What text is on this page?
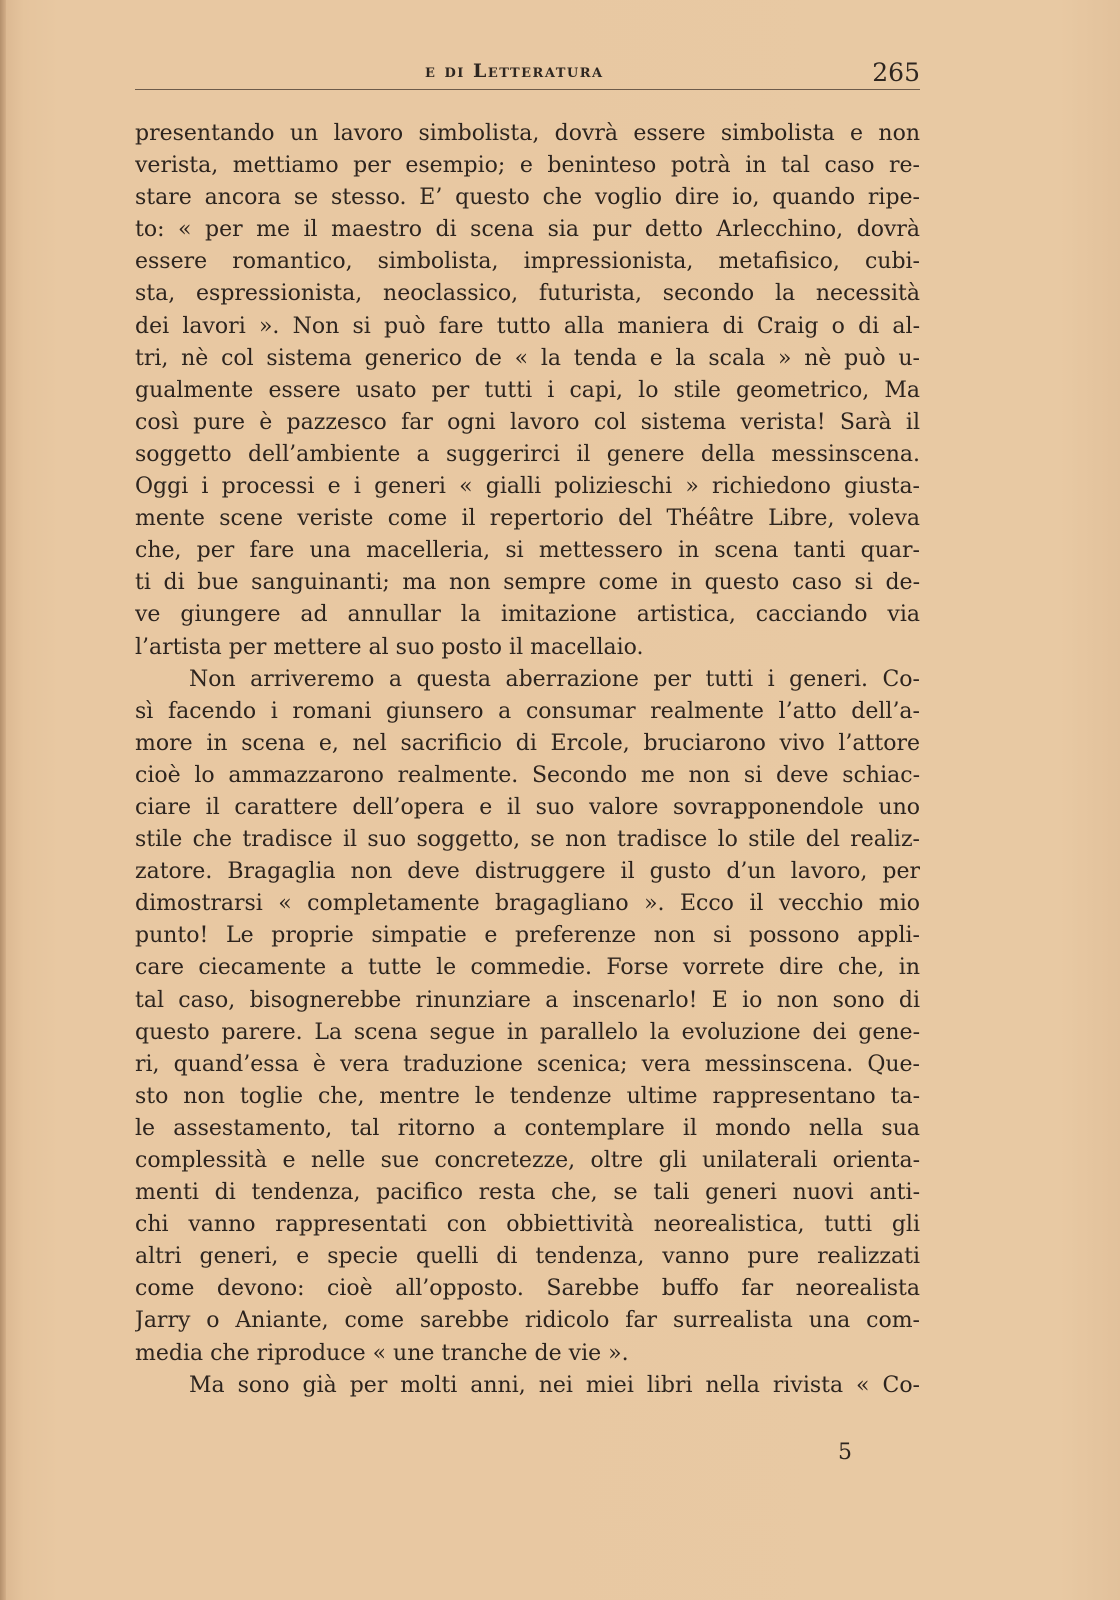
e di Letteratura	265
presentando un lavoro simbolista, dovrà essere simbolista e non
verista, mettiamo per esempio; e beninteso potrà in tal caso re-
stare ancora se stesso. E’ questo che voglio dire io, quando ripe-
to: « per me il maestro di scena sia pur detto Arlecchino, dovrà
essere romantico, simbolista, impressionista, metafisico, cubi-
sta, espressionista, neoclassico, futurista, secondo la necessità
dei lavori ». Non si può fare tutto alla maniera di Craig o di al-
tri, nè col sistema generico de « la tenda e la scala » nè può u-
gualmente essere usato per tutti i capi, lo stile geometrico, Ma
così pure è pazzesco far ogni lavoro col sistema verista! Sarà il
soggetto dell’ambiente a suggerirci il genere della messinscena.
Oggi i processi e i generi « gialli polizieschi » richiedono giusta-
mente scene veriste come il repertorio del Théâtre Libre, voleva
che, per fare una macelleria, si mettessero in scena tanti quar-
ti di bue sanguinanti; ma non sempre come in questo caso si de-
ve giungere ad annullar la imitazione artistica, cacciando via
l’artista per mettere al suo posto il macellaio.
Non arriveremo a questa aberrazione per tutti i generi. Co-
sì facendo i romani giunsero a consumar realmente l’atto dell’a-
more in scena e, nel sacrificio di Ercole, bruciarono vivo l’attore
cioè lo ammazzarono realmente. Secondo me non si deve schiac-
ciare il carattere dell’opera e il suo valore sovrapponendole uno
stile che tradisce il suo soggetto, se non tradisce lo stile del realiz-
zatore. Bragaglia non deve distruggere il gusto d’un lavoro, per
dimostrarsi « completamente bragagliano ». Ecco il vecchio mio
punto! Le proprie simpatie e preferenze non si possono appli-
care ciecamente a tutte le commedie. Forse vorrete dire che, in
tal caso, bisognerebbe rinunziare a inscenarlo! E io non sono di
questo parere. La scena segue in parallelo la evoluzione dei gene-
ri, quand’essa è vera traduzione scenica; vera messinscena. Que-
sto non toglie che, mentre le tendenze ultime rappresentano ta-
le assestamento, tal ritorno a contemplare il mondo nella sua
complessità e nelle sue concretezze, oltre gli unilaterali orienta-
menti di tendenza, pacifico resta che, se tali generi nuovi anti-
chi vanno rappresentati con obbiettività neorealistica, tutti gli
altri generi, e specie quelli di tendenza, vanno pure realizzati
come devono: cioè all’opposto. Sarebbe buffo far neorealista
Jarry o Aniante, come sarebbe ridicolo far surrealista una com-
media che riproduce « une tranche de vie ».
Ma sono già per molti anni, nei miei libri nella rivista « Co-
5
